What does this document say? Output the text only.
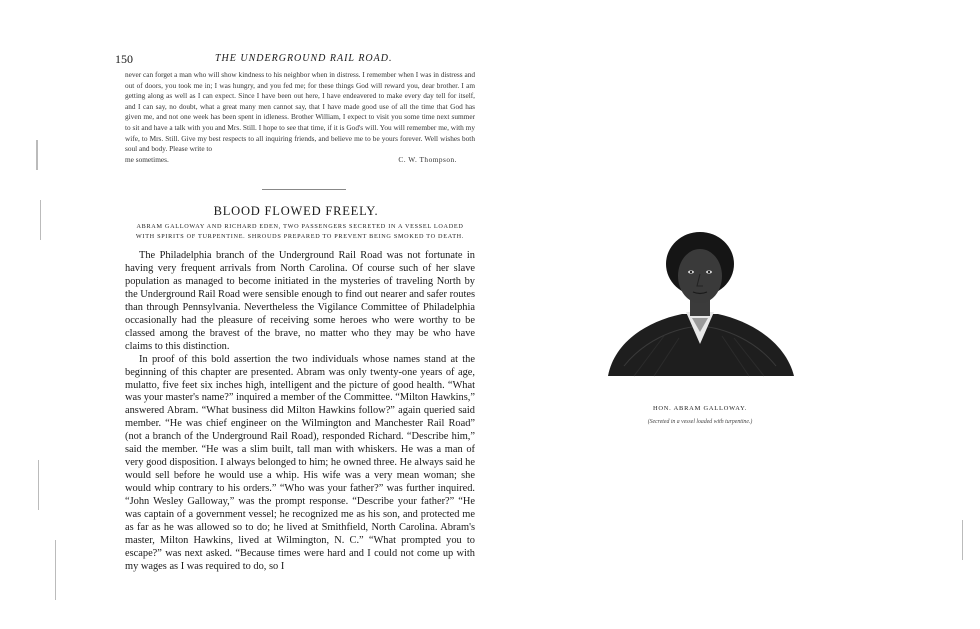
150	THE UNDERGROUND RAIL ROAD.

never can forget a man who will show kindness to his neighbor when in distress. I remember when I was in distress and out of doors, you took me in; I was hungry, and you fed me; for these things God will reward you, dear brother. I am getting along as well as I can expect. Since I have been out here, I have endeavered to make every day tell for itself, and I can say, no doubt, what a great many men cannot say, that I have made good use of all the time that God has given me, and not one week has been spent in idleness. Brother William, I expect to visit you some time next summer to sit and have a talk with you and Mrs. Still. I hope to see that time, if it is God's will. You will remember me, with my wife, to Mrs. Still. Give my best respects to all inquiring friends, and believe me to be yours forever. Well wishes both soul and body. Please write to

me sometimes.	C. W. Thompson.
BLOOD FLOWED FREELY.
ABRAM GALLOWAY AND RICHARD EDEN, TWO PASSENGERS SECRETED IN A VESSEL LOADED WITH SPIRITS OF TURPENTINE. SHROUDS PREPARED TO PREVENT BEING SMOKED TO DEATH.

The Philadelphia branch of the Underground Rail Road was not fortunate in having very frequent arrivals from North Carolina. Of course such of her slave population as managed to become initiated in the mysteries of traveling North by the Underground Rail Road were sensible enough to find out nearer and safer routes than through Pennsylvania. Nevertheless the Vigilance Committee of Philadelphia occasionally had the pleasure of receiving some heroes who were worthy to be classed among the bravest of the brave, no matter who they may be who have claims to this distinction.

In proof of this bold assertion the two individuals whose names stand at the beginning of this chapter are presented. Abram was only twenty-one years of age, mulatto, five feet six inches high, intelligent and the picture of good health. “What was your master's name?” inquired a member of the Committee. “Milton Hawkins,” answered Abram. “What business did Milton Hawkins follow?” again queried said member. “He was chief engineer on the Wilmington and Manchester Rail Road” (not a branch of the Underground Rail Road), responded Richard. “Describe him,” said the member. “He was a slim built, tall man with whiskers. He was a man of very good disposition. I always belonged to him; he owned three. He always said he would sell before he would use a whip. His wife was a very mean woman; she would whip contrary to his orders.” “Who was your father?” was further inquired. “John Wesley Galloway,” was the prompt response. “Describe your father?” “He was captain of a government vessel; he recognized me as his son, and protected me as far as he was allowed so to do; he lived at Smithfield, North Carolina. Abram's master, Milton Hawkins, lived at Wilmington, N. C.” “What prompted you to escape?” was next asked. “Because times were hard and I could not come up with my wages as I was required to do, so I

HON. ABRAM GALLOWAY.
(Secreted in a vessel loaded with turpentine.)
